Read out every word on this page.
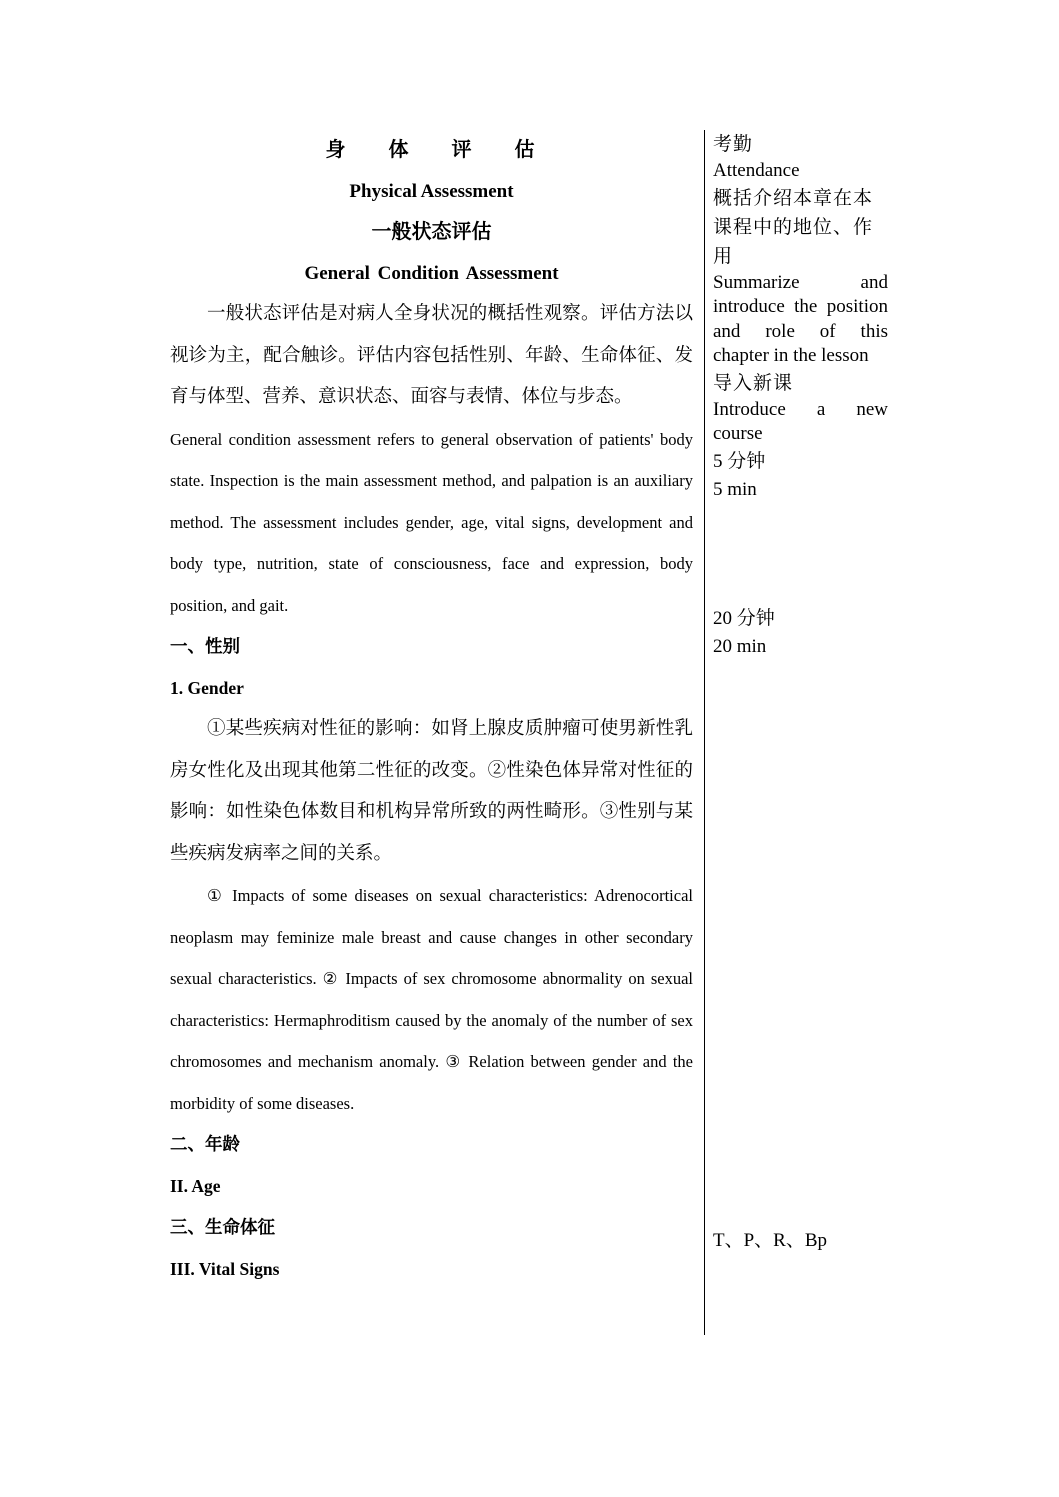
身 体 评 估
Physical Assessment
一般状态评估
General Condition Assessment

一般状态评估是对病人全身状况的概括性观察。评估方法以视诊为主，配合触诊。评估内容包括性别、年龄、生命体征、发育与体型、营养、意识状态、面容与表情、体位与步态。

General condition assessment refers to general observation of patients' body state. Inspection is the main assessment method, and palpation is an auxiliary method. The assessment includes gender, age, vital signs, development and body type, nutrition, state of consciousness, face and expression, body position, and gait.

一、性别
1. Gender

①某些疾病对性征的影响：如肾上腺皮质肿瘤可使男新性乳房女性化及出现其他第二性征的改变。②性染色体异常对性征的影响：如性染色体数目和机构异常所致的两性畸形。③性别与某些疾病发病率之间的关系。

① Impacts of some diseases on sexual characteristics: Adrenocortical neoplasm may feminize male breast and cause changes in other secondary sexual characteristics. ② Impacts of sex chromosome abnormality on sexual characteristics: Hermaphroditism caused by the anomaly of the number of sex chromosomes and mechanism anomaly. ③ Relation between gender and the morbidity of some diseases.

二、年龄
II. Age
三、生命体征
III. Vital Signs
考勤
Attendance
概括介绍本章在本课程中的地位、作用
Summarize and introduce the position and role of this chapter in the lesson
导入新课
Introduce a new course
5 分钟
5 min
20 分钟
20 min
T、P、R、Bp
